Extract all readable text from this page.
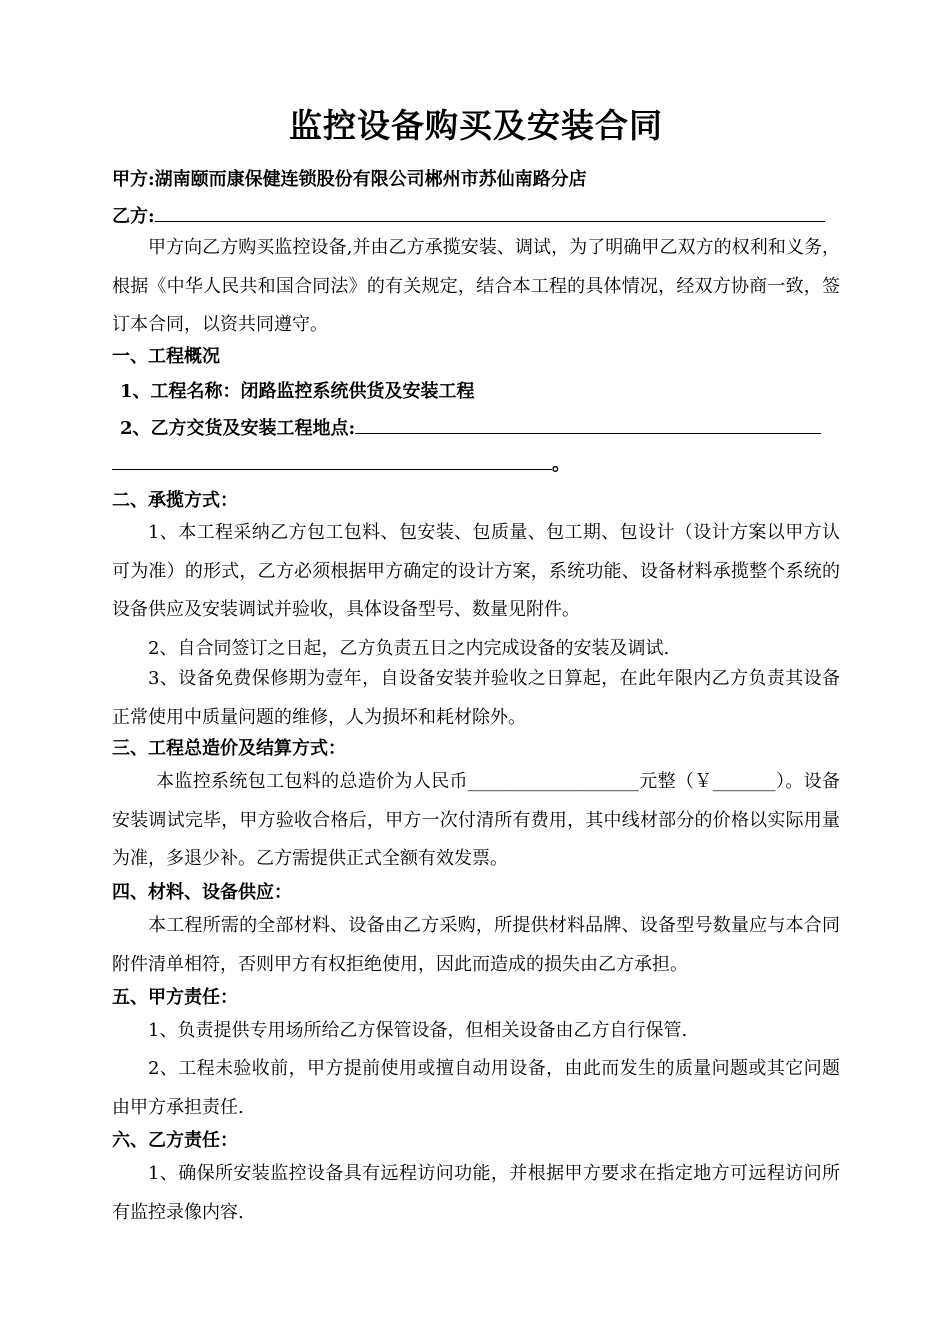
监控设备购买及安装合同
甲方:湖南颐而康保健连锁股份有限公司郴州市苏仙南路分店
乙方:
甲方向乙方购买监控设备,并由乙方承揽安装、调试，为了明确甲乙双方的权利和义务，根据《中华人民共和国合同法》的有关规定，结合本工程的具体情况，经双方协商一致，签订本合同，以资共同遵守。
一、工程概况
1、工程名称：闭路监控系统供货及安装工程
2、乙方交货及安装工程地点:
。
二、承揽方式：
1、本工程采纳乙方包工包料、包安装、包质量、包工期、包设计（设计方案以甲方认可为准）的形式，乙方必须根据甲方确定的设计方案，系统功能、设备材料承揽整个系统的设备供应及安装调试并验收，具体设备型号、数量见附件。
2、自合同签订之日起，乙方负责五日之内完成设备的安装及调试.
3、设备免费保修期为壹年，自设备安装并验收之日算起，在此年限内乙方负责其设备正常使用中质量问题的维修，人为损坏和耗材除外。
三、工程总造价及结算方式：
本监控系统包工包料的总造价为人民币___________________元整（￥_______）。设备安装调试完毕，甲方验收合格后，甲方一次付清所有费用，其中线材部分的价格以实际用量为准，多退少补。乙方需提供正式全额有效发票。
四、材料、设备供应：
本工程所需的全部材料、设备由乙方采购，所提供材料品牌、设备型号数量应与本合同附件清单相符，否则甲方有权拒绝使用，因此而造成的损失由乙方承担。
五、甲方责任：
1、负责提供专用场所给乙方保管设备，但相关设备由乙方自行保管.
2、工程未验收前，甲方提前使用或擅自动用设备，由此而发生的质量问题或其它问题由甲方承担责任.
六、乙方责任：
1、确保所安装监控设备具有远程访问功能，并根据甲方要求在指定地方可远程访问所有监控录像内容.
